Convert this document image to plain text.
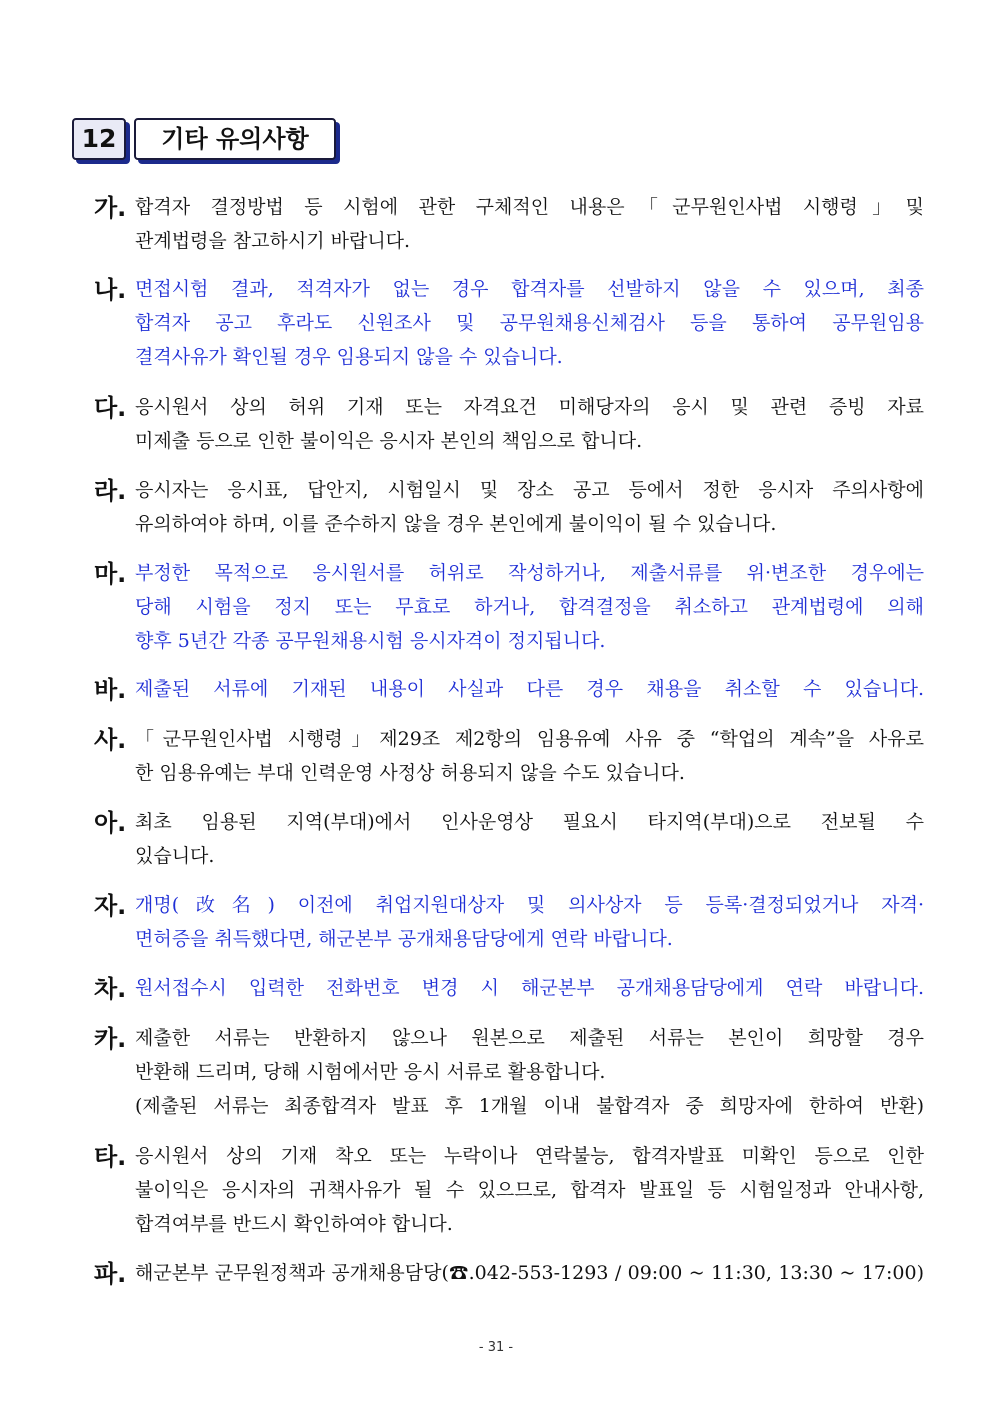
12	기타 유의사항
가. 합격자 결정방법 등 시험에 관한 구체적인 내용은「군무원인사법 시행령」및
관계법령을 참고하시기 바랍니다.
나. 면접시험 결과, 적격자가 없는 경우 합격자를 선발하지 않을 수 있으며, 최종
합격자 공고 후라도 신원조사 및 공무원채용신체검사 등을 통하여 공무원임용
결격사유가 확인될 경우 임용되지 않을 수 있습니다.
다. 응시원서 상의 허위 기재 또는 자격요건 미해당자의 응시 및 관련 증빙 자료
미제출 등으로 인한 불이익은 응시자 본인의 책임으로 합니다.
라. 응시자는 응시표, 답안지, 시험일시 및 장소 공고 등에서 정한 응시자 주의사항에
유의하여야 하며, 이를 준수하지 않을 경우 본인에게 불이익이 될 수 있습니다.
마. 부정한 목적으로 응시원서를 허위로 작성하거나, 제출서류를 위·변조한 경우에는
당해 시험을 정지 또는 무효로 하거나, 합격결정을 취소하고 관계법령에 의해
향후 5년간 각종 공무원채용시험 응시자격이 정지됩니다.
바. 제출된 서류에 기재된 내용이 사실과 다른 경우 채용을 취소할 수 있습니다.
사. 「군무원인사법 시행령」제29조 제2항의 임용유예 사유 중 “학업의 계속”을 사유로
한 임용유예는 부대 인력운영 사정상 허용되지 않을 수도 있습니다.
아. 최초 임용된 지역(부대)에서 인사운영상 필요시 타지역(부대)으로 전보될 수
있습니다.
자. 개명(改名) 이전에 취업지원대상자 및 의사상자 등 등록·결정되었거나 자격·
면허증을 취득했다면, 해군본부 공개채용담당에게 연락 바랍니다.
차. 원서접수시 입력한 전화번호 변경 시 해군본부 공개채용담당에게 연락 바랍니다.
카. 제출한 서류는 반환하지 않으나 원본으로 제출된 서류는 본인이 희망할 경우
반환해 드리며, 당해 시험에서만 응시 서류로 활용합니다.
(제출된 서류는 최종합격자 발표 후 1개월 이내 불합격자 중 희망자에 한하여 반환)
타. 응시원서 상의 기재 착오 또는 누락이나 연락불능, 합격자발표 미확인 등으로 인한
불이익은 응시자의 귀책사유가 될 수 있으므로, 합격자 발표일 등 시험일정과 안내사항,
합격여부를 반드시 확인하여야 합니다.
파. 해군본부 군무원정책과 공개채용담당(☎.042-553-1293 / 09:00 ~ 11:30, 13:30 ~ 17:00)
- 31 -
